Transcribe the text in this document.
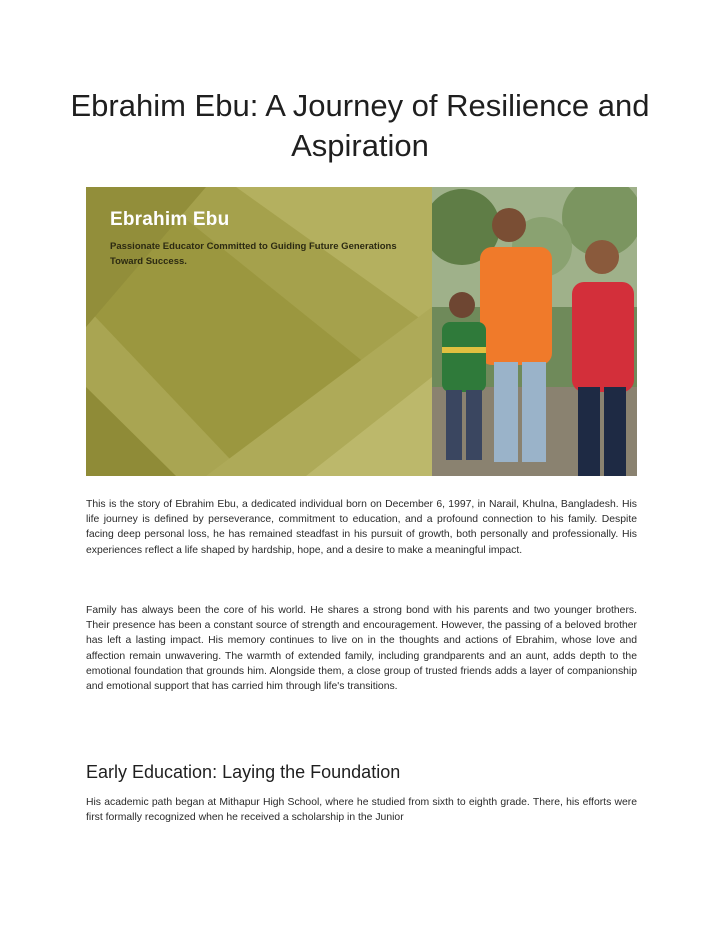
Ebrahim Ebu: A Journey of Resilience and Aspiration
Ebrahim Ebu
Passionate Educator Committed to Guiding Future Generations Toward Success.

This is the story of Ebrahim Ebu, a dedicated individual born on December 6, 1997, in Narail, Khulna, Bangladesh. His life journey is defined by perseverance, commitment to education, and a profound connection to his family. Despite facing deep personal loss, he has remained steadfast in his pursuit of growth, both personally and professionally. His experiences reflect a life shaped by hardship, hope, and a desire to make a meaningful impact.

Family has always been the core of his world. He shares a strong bond with his parents and two younger brothers. Their presence has been a constant source of strength and encouragement. However, the passing of a beloved brother has left a lasting impact. His memory continues to live on in the thoughts and actions of Ebrahim, whose love and affection remain unwavering. The warmth of extended family, including grandparents and an aunt, adds depth to the emotional foundation that grounds him. Alongside them, a close group of trusted friends adds a layer of companionship and emotional support that has carried him through life's transitions.

Early Education: Laying the Foundation

His academic path began at Mithapur High School, where he studied from sixth to eighth grade. There, his efforts were first formally recognized when he received a scholarship in the Junior
